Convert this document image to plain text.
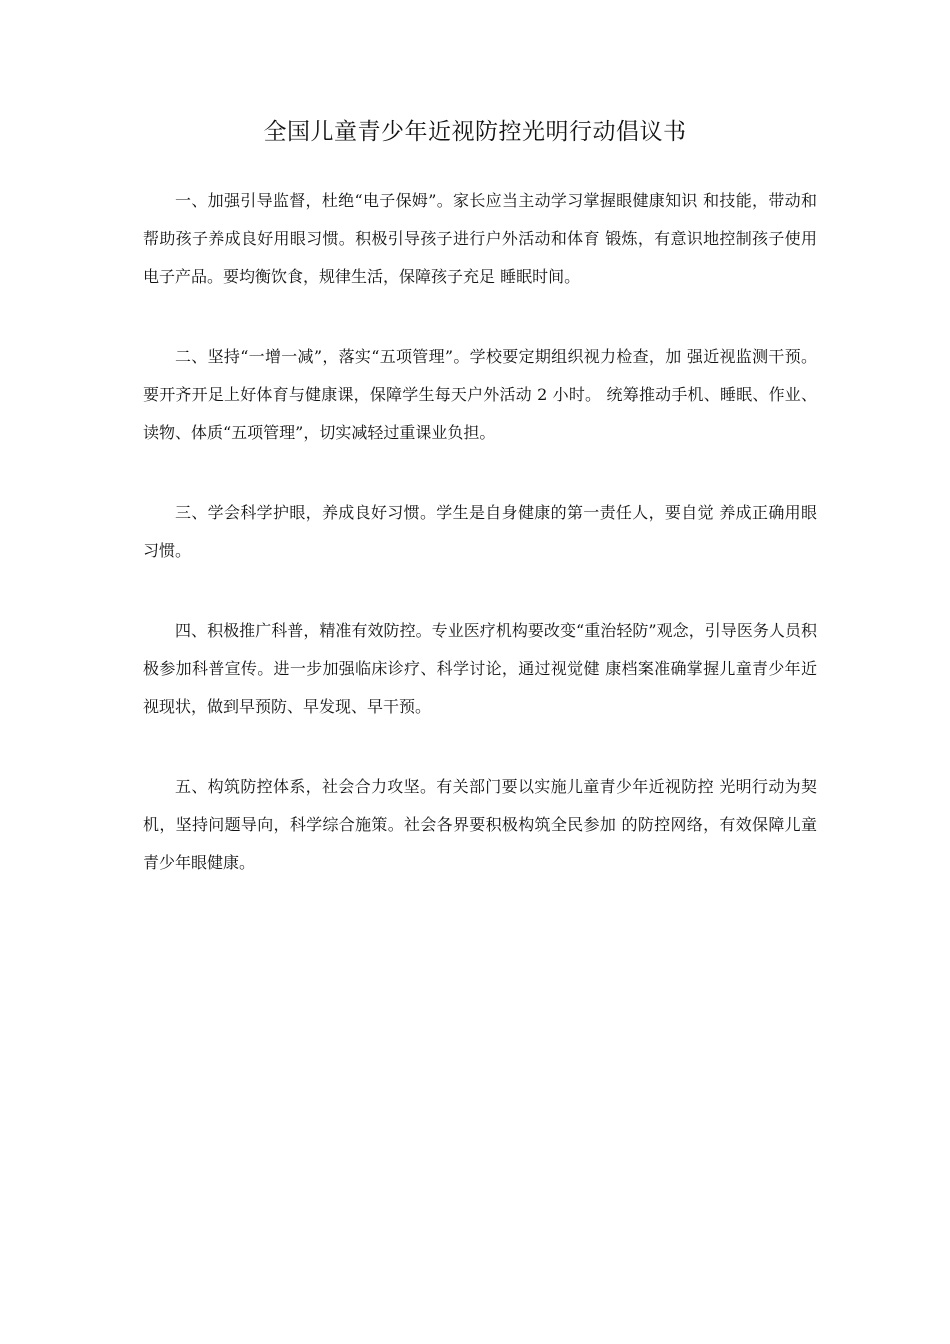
全国儿童青少年近视防控光明行动倡议书

一、加强引导监督，杜绝“电子保姆”。家长应当主动学习掌握眼健康知识 和技能，带动和帮助孩子养成良好用眼习惯。积极引导孩子进行户外活动和体育 锻炼，有意识地控制孩子使用电子产品。要均衡饮食，规律生活，保障孩子充足 睡眠时间。

二、坚持“一增一减”，落实“五项管理”。学校要定期组织视力检查，加 强近视监测干预。要开齐开足上好体育与健康课，保障学生每天户外活动 2 小时。 统筹推动手机、睡眠、作业、读物、体质“五项管理”，切实减轻过重课业负担。

三、学会科学护眼，养成良好习惯。学生是自身健康的第一责任人，要自觉 养成正确用眼习惯。

四、积极推广科普，精准有效防控。专业医疗机构要改变“重治轻防”观念，引导医务人员积极参加科普宣传。进一步加强临床诊疗、科学讨论，通过视觉健 康档案准确掌握儿童青少年近视现状，做到早预防、早发现、早干预。

五、构筑防控体系，社会合力攻坚。有关部门要以实施儿童青少年近视防控 光明行动为契机，坚持问题导向，科学综合施策。社会各界要积极构筑全民参加 的防控网络，有效保障儿童青少年眼健康。
